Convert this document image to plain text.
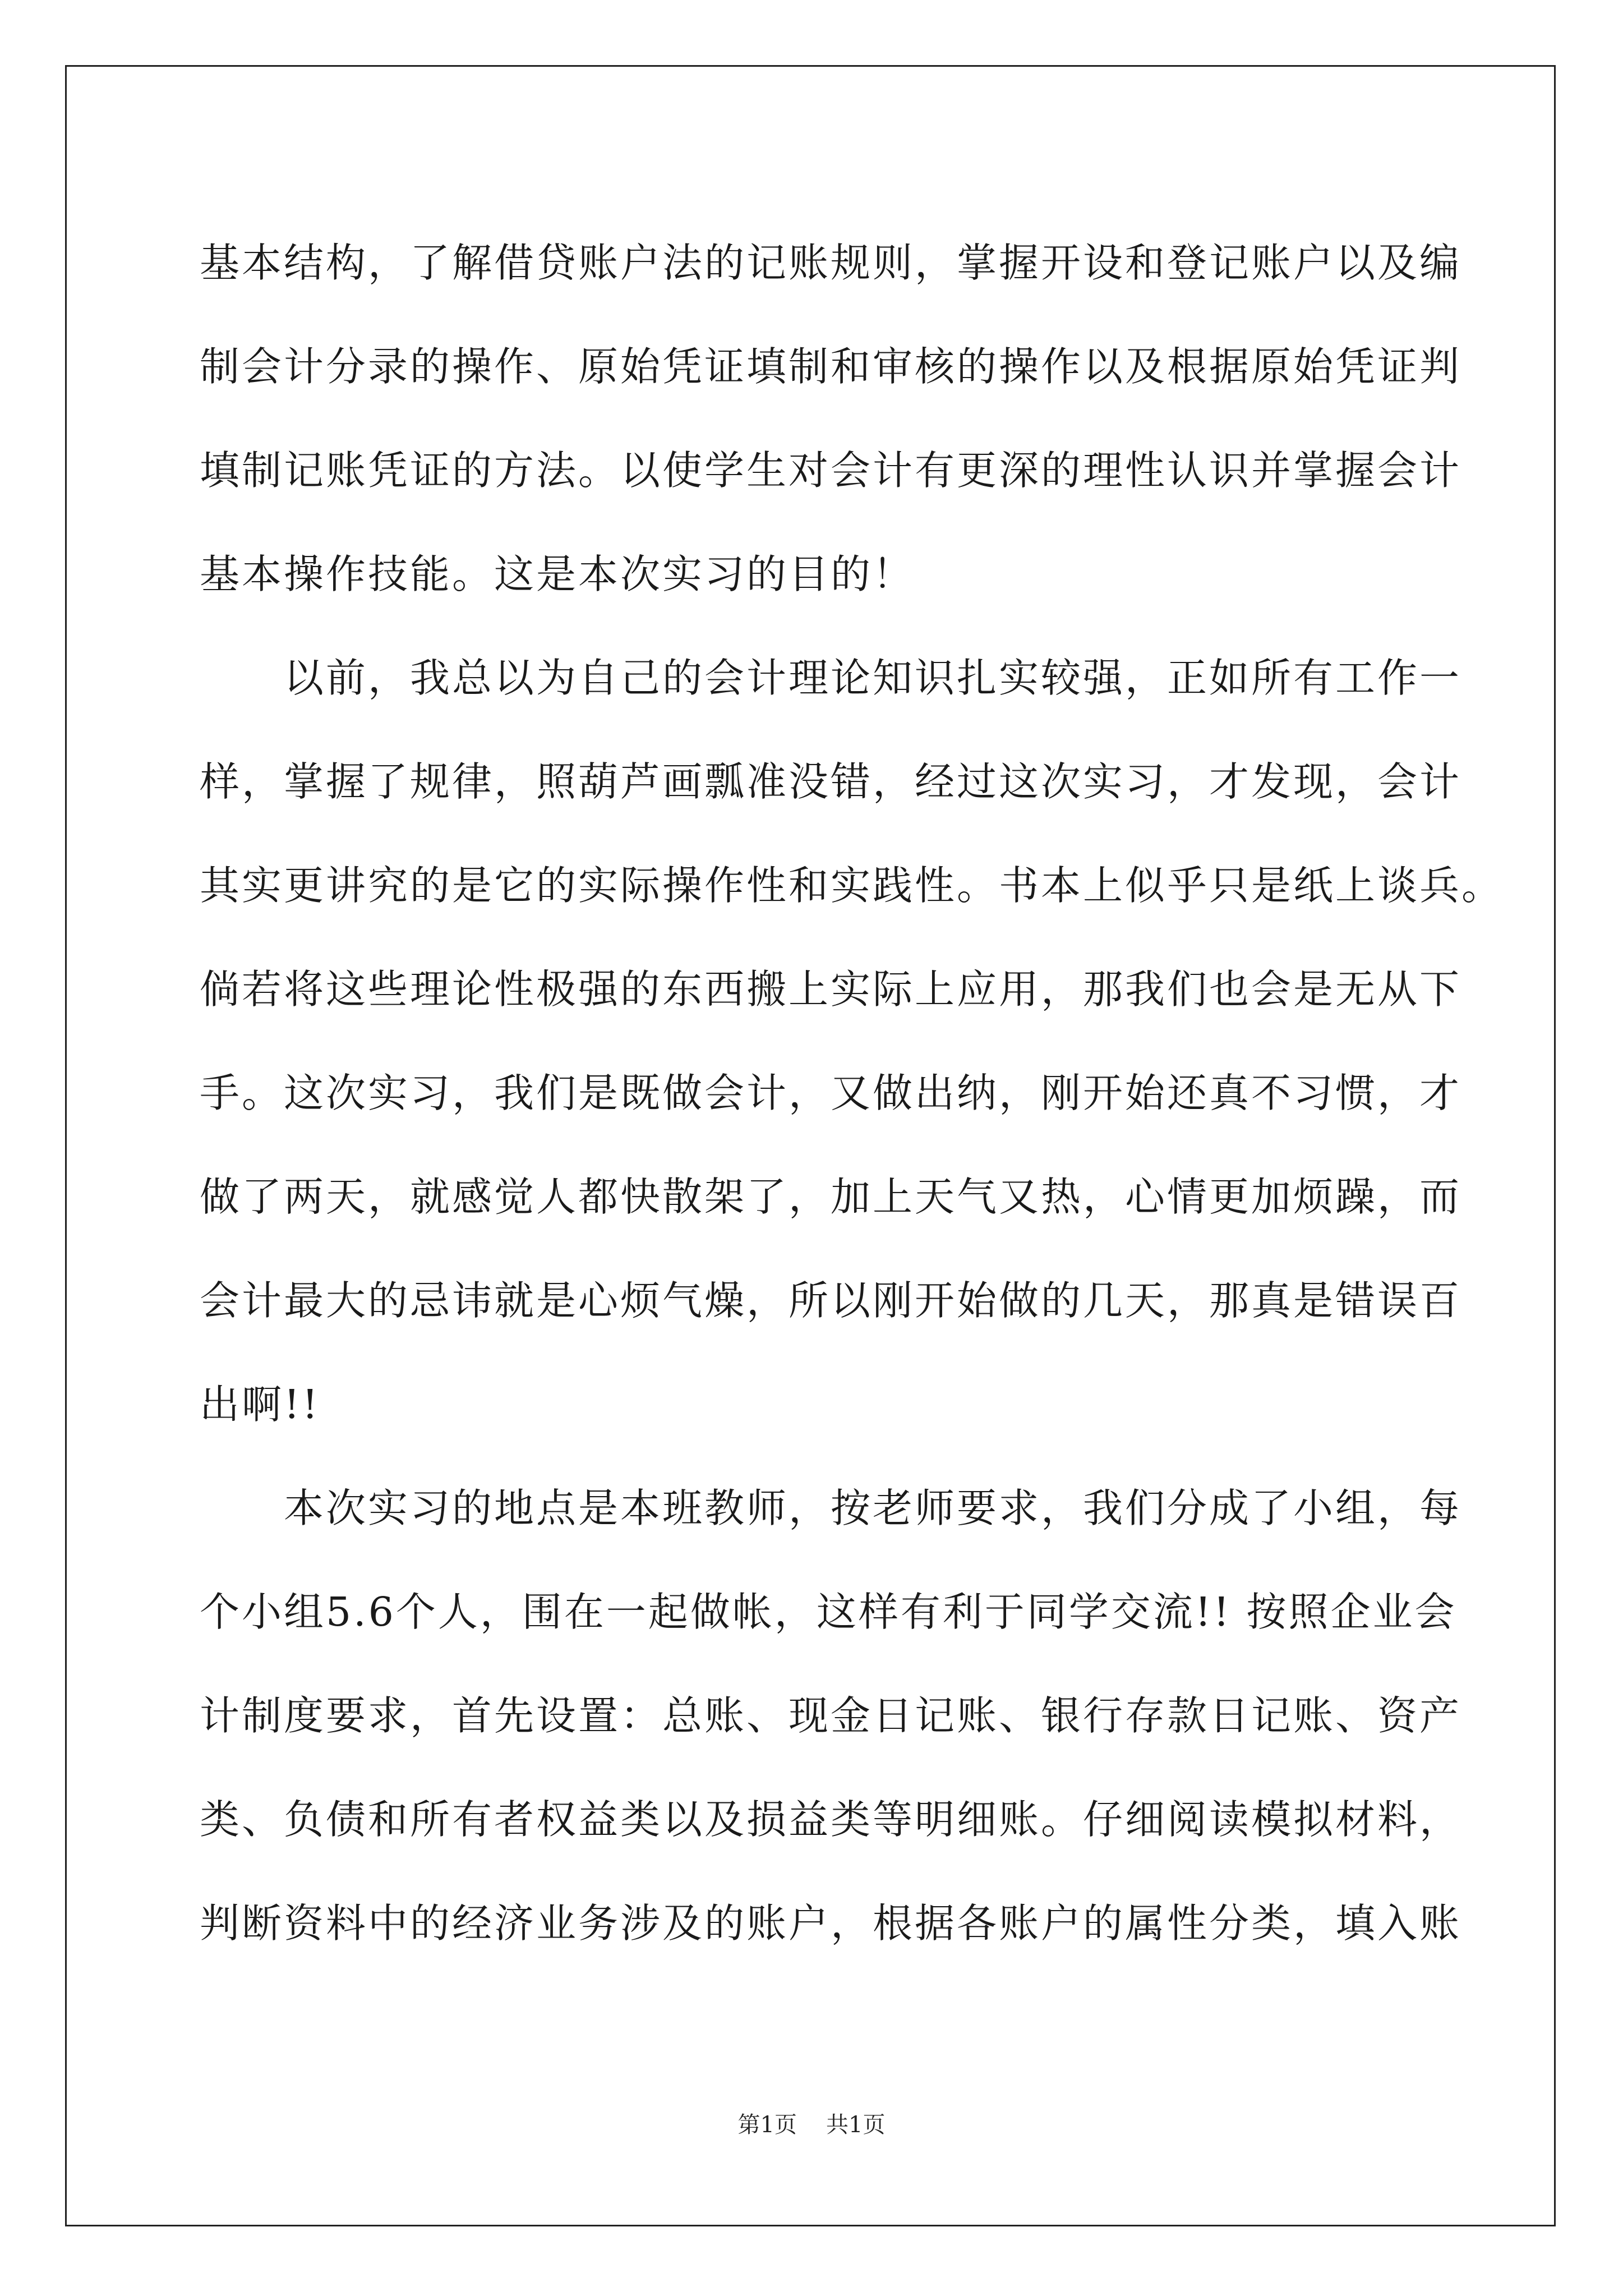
基本结构，了解借贷账户法的记账规则，掌握开设和登记账户以及编
制会计分录的操作、原始凭证填制和审核的操作以及根据原始凭证判
填制记账凭证的方法。以使学生对会计有更深的理性认识并掌握会计
基本操作技能。这是本次实习的目的！
　　以前，我总以为自己的会计理论知识扎实较强，正如所有工作一
样，掌握了规律，照葫芦画瓢准没错，经过这次实习，才发现，会计
其实更讲究的是它的实际操作性和实践性。书本上似乎只是纸上谈兵。
倘若将这些理论性极强的东西搬上实际上应用，那我们也会是无从下
手。这次实习，我们是既做会计，又做出纳，刚开始还真不习惯，才
做了两天，就感觉人都快散架了，加上天气又热，心情更加烦躁，而
会计最大的忌讳就是心烦气燥，所以刚开始做的几天，那真是错误百
出啊!!
　　本次实习的地点是本班教师，按老师要求，我们分成了小组，每
个小组5.6个人，围在一起做帐，这样有利于同学交流!! 按照企业会
计制度要求，首先设置：总账、现金日记账、银行存款日记账、资产
类、负债和所有者权益类以及损益类等明细账。仔细阅读模拟材料，
判断资料中的经济业务涉及的账户，根据各账户的属性分类，填入账
第1页 共1页
